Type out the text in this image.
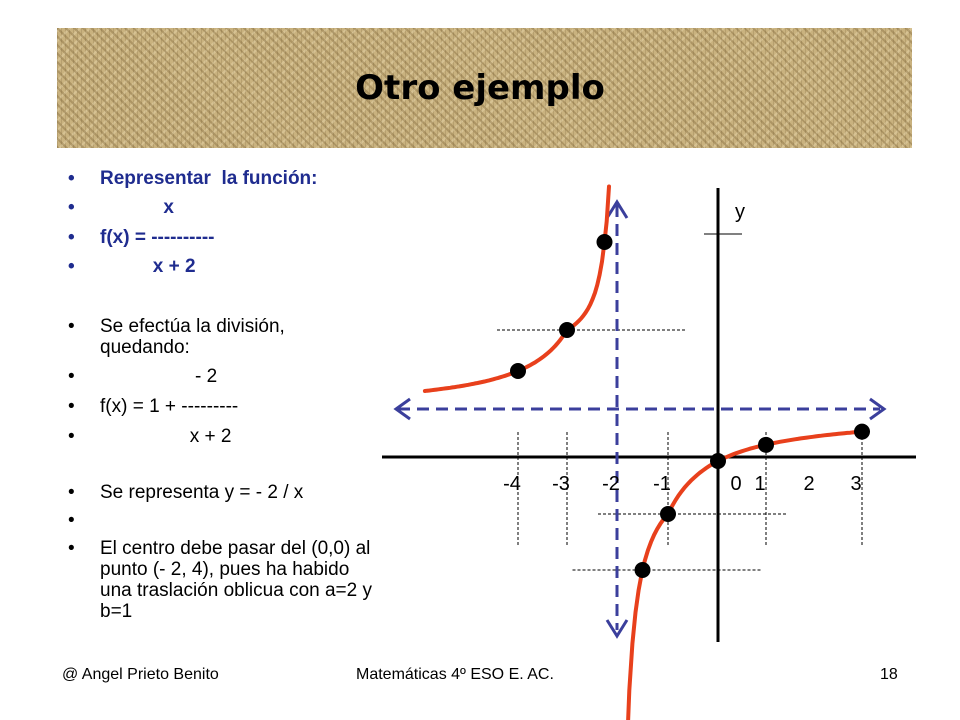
Otro ejemplo
• Representar  la función:
•             x
• f(x) = ----------
•           x + 2
• Se efectúa la división, quedando:
•                   - 2
• f(x) = 1 + ---------
•                  x + 2
• Se representa y = - 2 / x
• El centro debe pasar del (0,0) al punto (- 2, 4), pues ha habido una traslación oblicua con a=2 y b=1
y
-4 -3 -2 -1	0 1 2 3
@ Angel Prieto Benito	Matemáticas 4º ESO E. AC.	18
